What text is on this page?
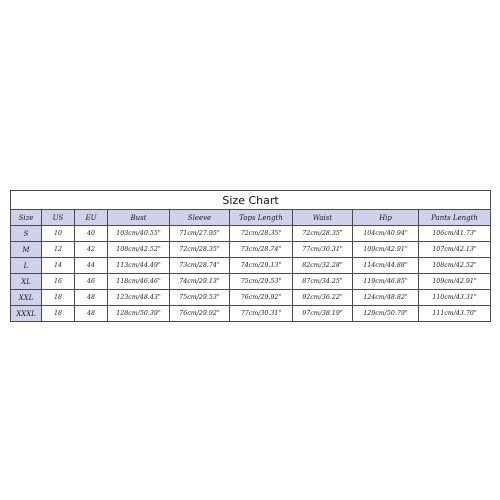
Size Chart								
Size	US	EU	Bust	Sleeve	Tops Length	Waist	Hip	Pants Length
S	10	40	103cm/40.55"	71cm/27.95"	72cm/28.35"	72cm/28.35"	104cm/40.94"	106cm/41.73"
M	12	42	108cm/42.52"	72cm/28.35"	73cm/28.74"	77cm/30.31"	109cm/42.91"	107cm/42.13"
L	14	44	113cm/44.49"	73cm/28.74"	74cm/29.13"	82cm/32.28"	114cm/44.88"	108cm/42.52"
XL	16	46	118cm/46.46"	74cm/29.13"	75cm/29.53"	87cm/34.25"	119cm/46.85"	109cm/42.91"
XXL	18	48	123cm/48.43"	75cm/29.53"	76cm/29.92"	92cm/36.22"	124cm/48.82"	110cm/43.31"
XXXL	18	48	128cm/50.39"	76cm/29.92"	77cm/30.31"	97cm/38.19"	129cm/50.79"	111cm/43.70"
